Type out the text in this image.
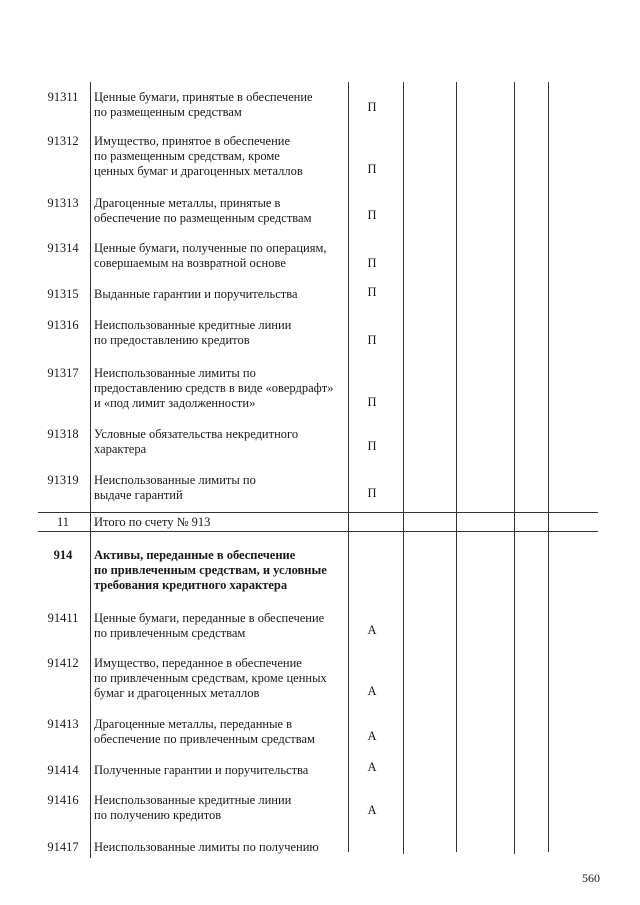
91311	Ценные бумаги, принятые в обеспечение
по размещенным средствам	П
91312	Имущество, принятое в обеспечение
по размещенным средствам, кроме
ценных бумаг и драгоценных металлов	П
91313	Драгоценные металлы, принятые в
обеспечение по размещенным средствам	П
91314	Ценные бумаги, полученные по операциям,
совершаемым на возвратной основе	П
91315	Выданные гарантии и поручительства	П
91316	Неиспользованные кредитные линии
по предоставлению кредитов	П
91317	Неиспользованные лимиты по
предоставлению средств в виде «овердрафт»
и «под лимит задолженности»	П
91318	Условные обязательства некредитного
характера	П
91319	Неиспользованные лимиты по
выдаче гарантий	П
11	Итого по счету № 913
914	Активы, переданные в обеспечение
по привлеченным средствам, и условные
требования кредитного характера
91411	Ценные бумаги, переданные в обеспечение
по привлеченным средствам	А
91412	Имущество, переданное в обеспечение
по привлеченным средствам, кроме ценных
бумаг и драгоценных металлов	А
91413	Драгоценные металлы, переданные в
обеспечение по привлеченным средствам	А
91414	Полученные гарантии и поручительства	А
91416	Неиспользованные кредитные линии
по получению кредитов	А
91417	Неиспользованные лимиты по получению
560
